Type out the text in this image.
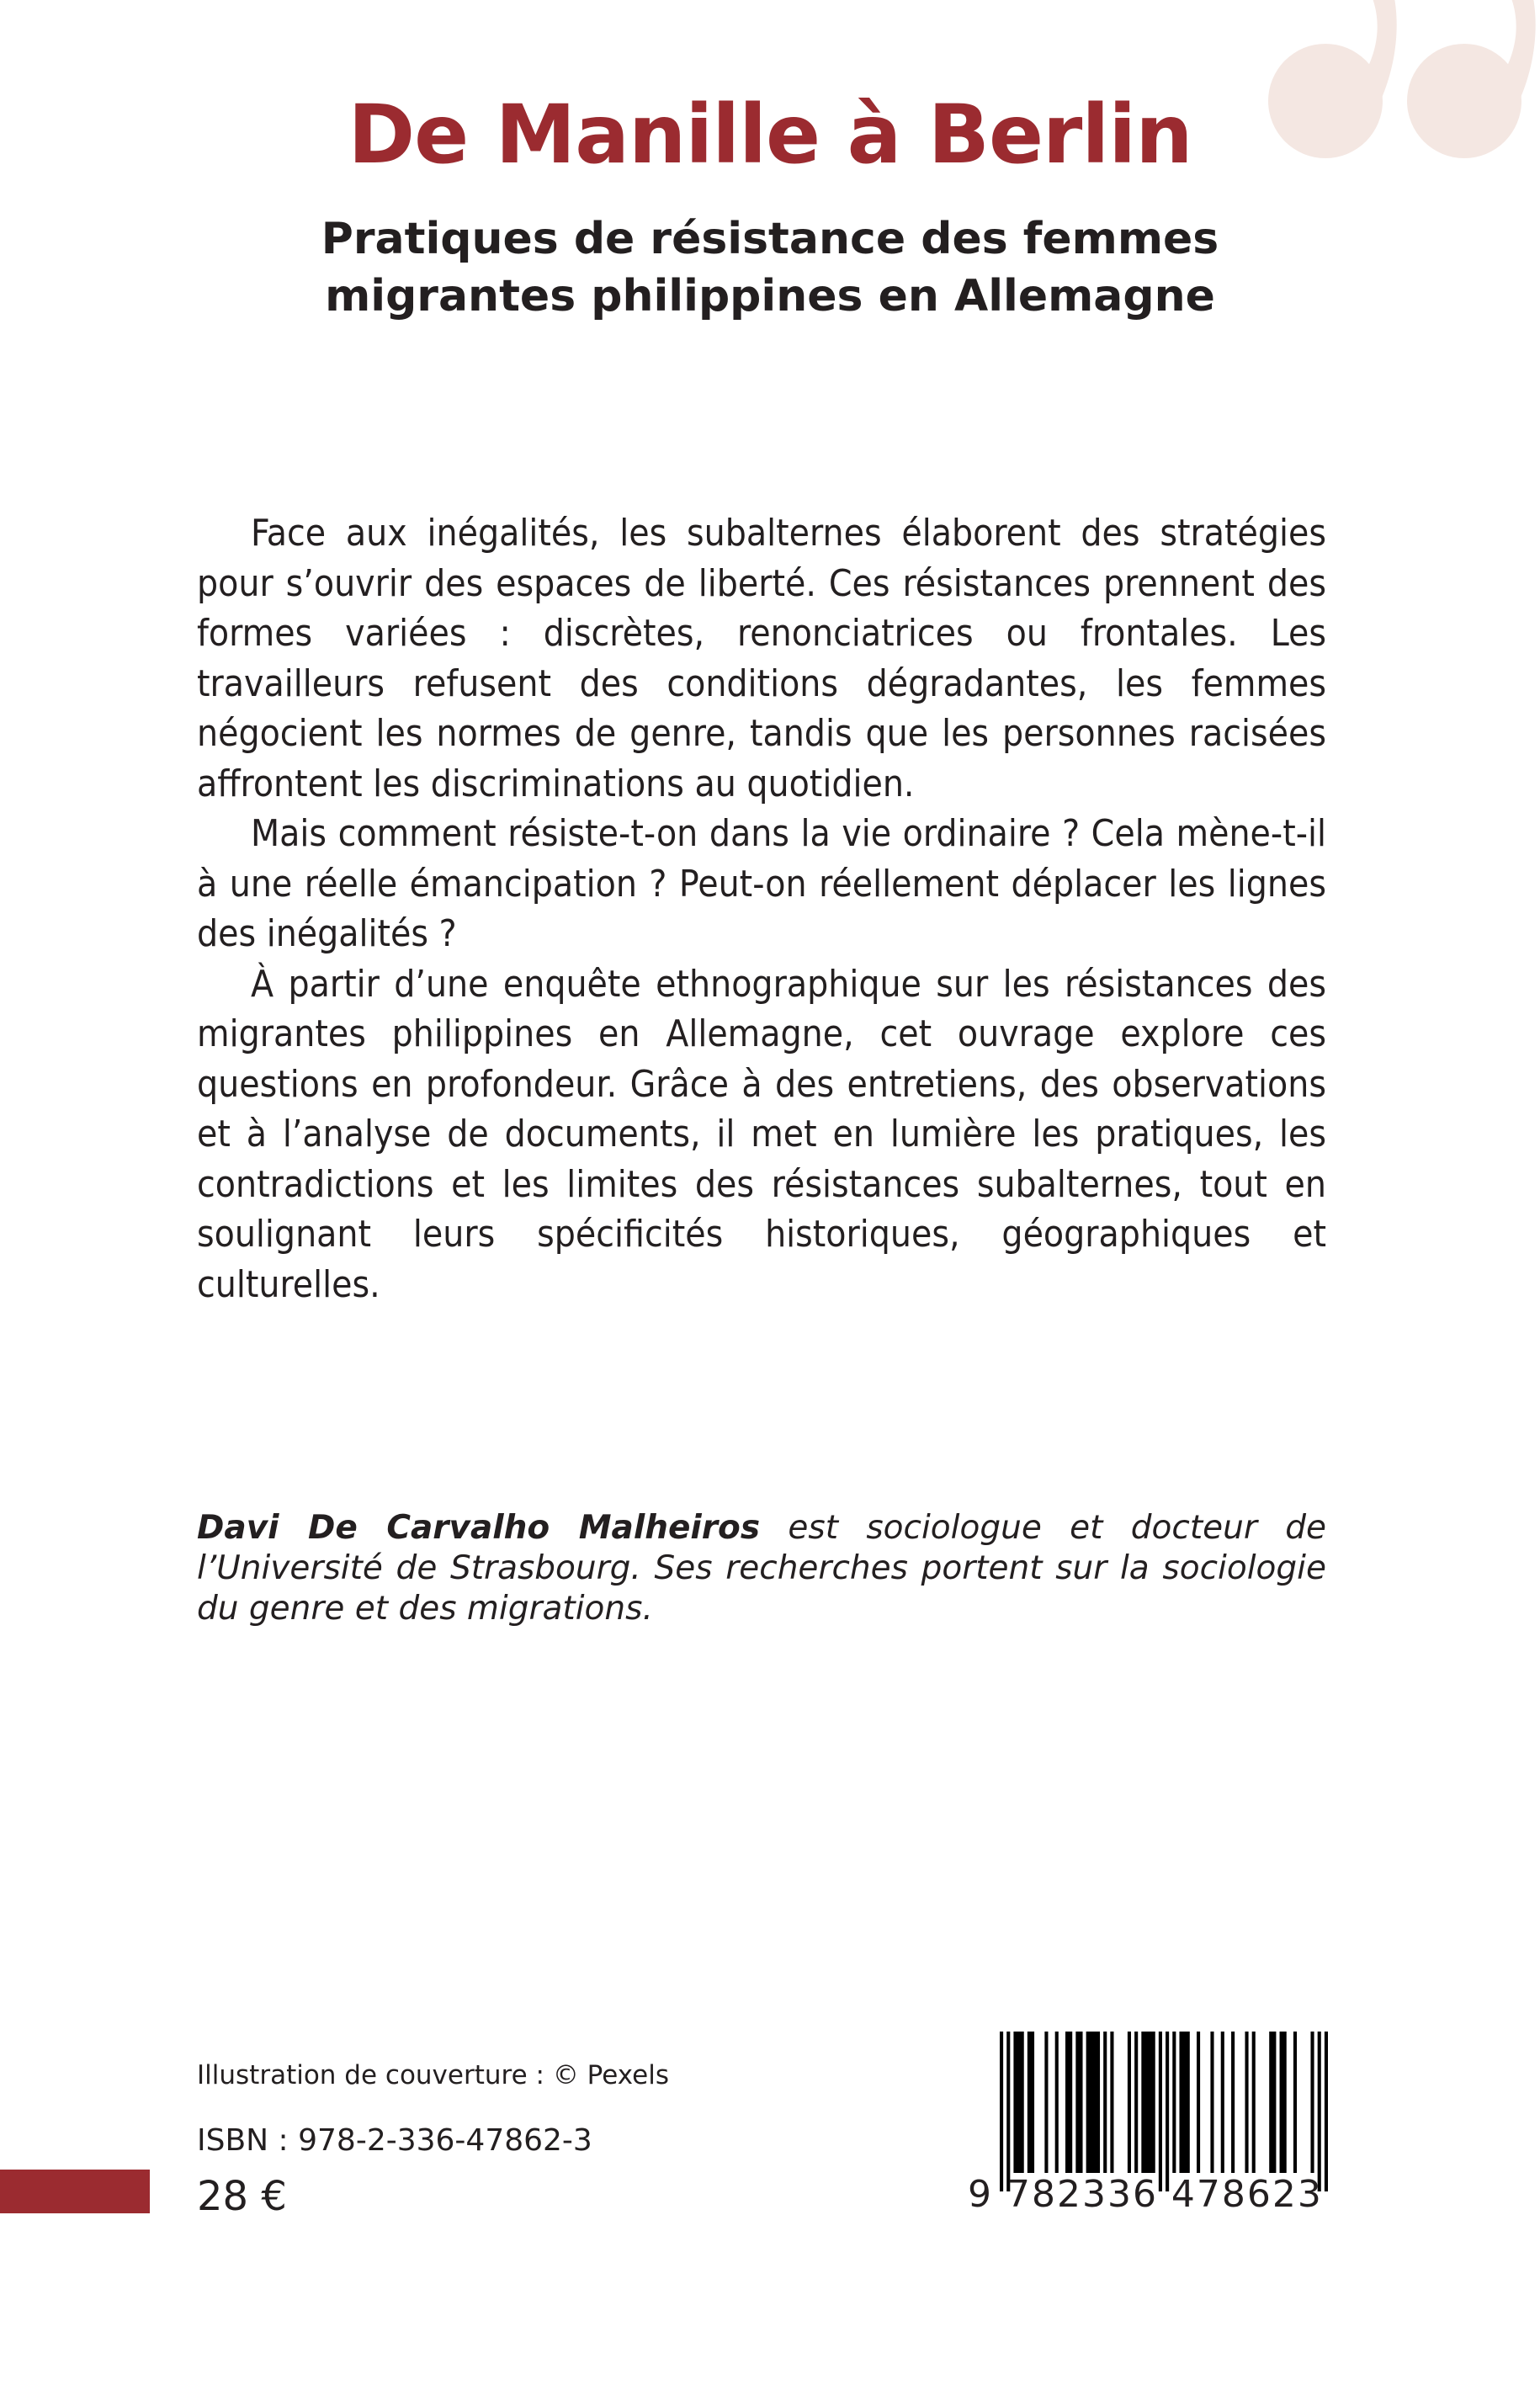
De Manille à Berlin
Pratiques de résistance des femmes
migrantes philippines en Allemagne

Face aux inégalités, les subalternes élaborent des stratégies pour s’ouvrir des espaces de liberté. Ces résistances prennent des formes variées : discrètes, renonciatrices ou frontales. Les travailleurs refusent des conditions dégradantes, les femmes négocient les normes de genre, tandis que les personnes racisées affrontent les discriminations au quotidien.

Mais comment résiste-t-on dans la vie ordinaire ? Cela mène-t-il à une réelle émancipation ? Peut-on réellement déplacer les lignes des inégalités ?

À partir d’une enquête ethnographique sur les résistances des migrantes philippines en Allemagne, cet ouvrage explore ces questions en profondeur. Grâce à des entretiens, des observations et à l’analyse de documents, il met en lumière les pratiques, les contradictions et les limites des résistances subalternes, tout en soulignant leurs spécificités historiques, géographiques et culturelles.

Davi De Carvalho Malheiros est sociologue et docteur de l’Université de Strasbourg. Ses recherches portent sur la sociologie du genre et des migrations.

Illustration de couverture : © Pexels

ISBN : 978-2-336-47862-3

28 €	9 782336 478623
